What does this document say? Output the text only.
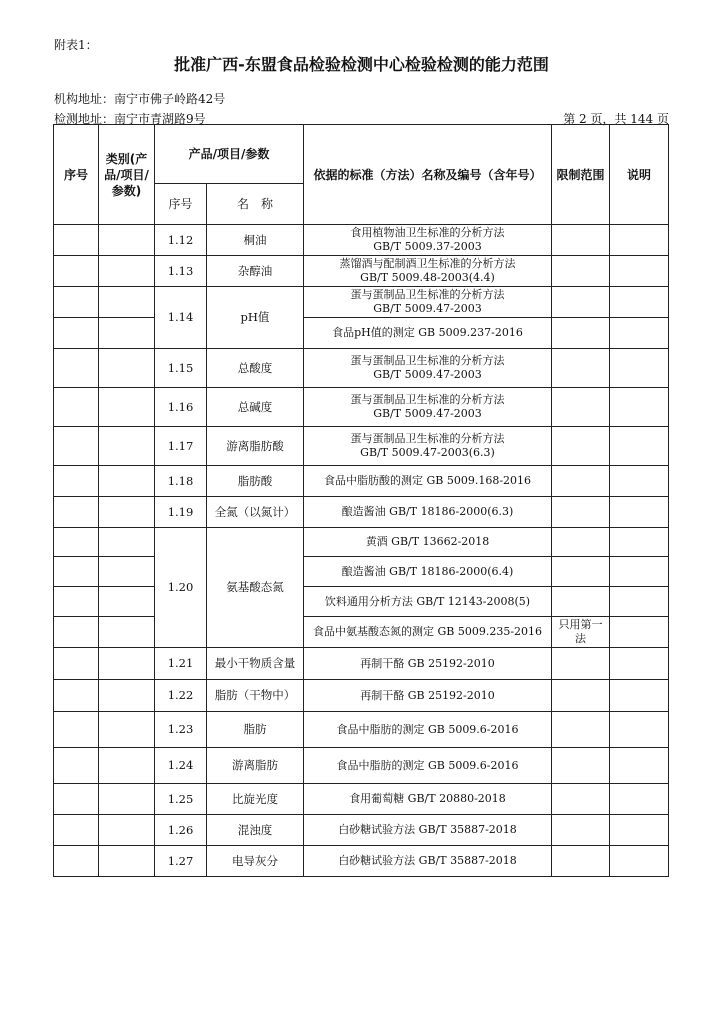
附表1：
批准广西-东盟食品检验检测中心检验检测的能力范围
机构地址：南宁市佛子岭路42号
检测地址：南宁市青湖路9号	第 2 页，共 144 页
序号	类别(产品/项目/参数)	产品/项目/参数		依据的标准（方法）名称及编号（含年号）	限制范围	说明
		序号	名　称			
		1.12	桐油	食用植物油卫生标准的分析方法
GB/T 5009.37-2003		
		1.13	杂醇油	蒸馏酒与配制酒卫生标准的分析方法
GB/T 5009.48-2003(4.4)		
		1.14	pH值	蛋与蛋制品卫生标准的分析方法
GB/T 5009.47-2003		
				食品pH值的测定 GB 5009.237-2016		
		1.15	总酸度	蛋与蛋制品卫生标准的分析方法
GB/T 5009.47-2003		
		1.16	总碱度	蛋与蛋制品卫生标准的分析方法
GB/T 5009.47-2003		
		1.17	游离脂肪酸	蛋与蛋制品卫生标准的分析方法
GB/T 5009.47-2003(6.3)		
		1.18	脂肪酸	食品中脂肪酸的测定 GB 5009.168-2016		
		1.19	全氮（以氮计）	酿造酱油 GB/T 18186-2000(6.3)		
		1.20	氨基酸态氮	黄酒 GB/T 13662-2018		
				酿造酱油 GB/T 18186-2000(6.4)		
				饮料通用分析方法 GB/T 12143-2008(5)		
				食品中氨基酸态氮的测定 GB 5009.235-2016	只用第一法	
		1.21	最小干物质含量	再制干酪 GB 25192-2010		
		1.22	脂肪（干物中）	再制干酪 GB 25192-2010		
		1.23	脂肪	食品中脂肪的测定 GB 5009.6-2016		
		1.24	游离脂肪	食品中脂肪的测定 GB 5009.6-2016		
		1.25	比旋光度	食用葡萄糖 GB/T 20880-2018		
		1.26	混浊度	白砂糖试验方法 GB/T 35887-2018		
		1.27	电导灰分	白砂糖试验方法 GB/T 35887-2018		
